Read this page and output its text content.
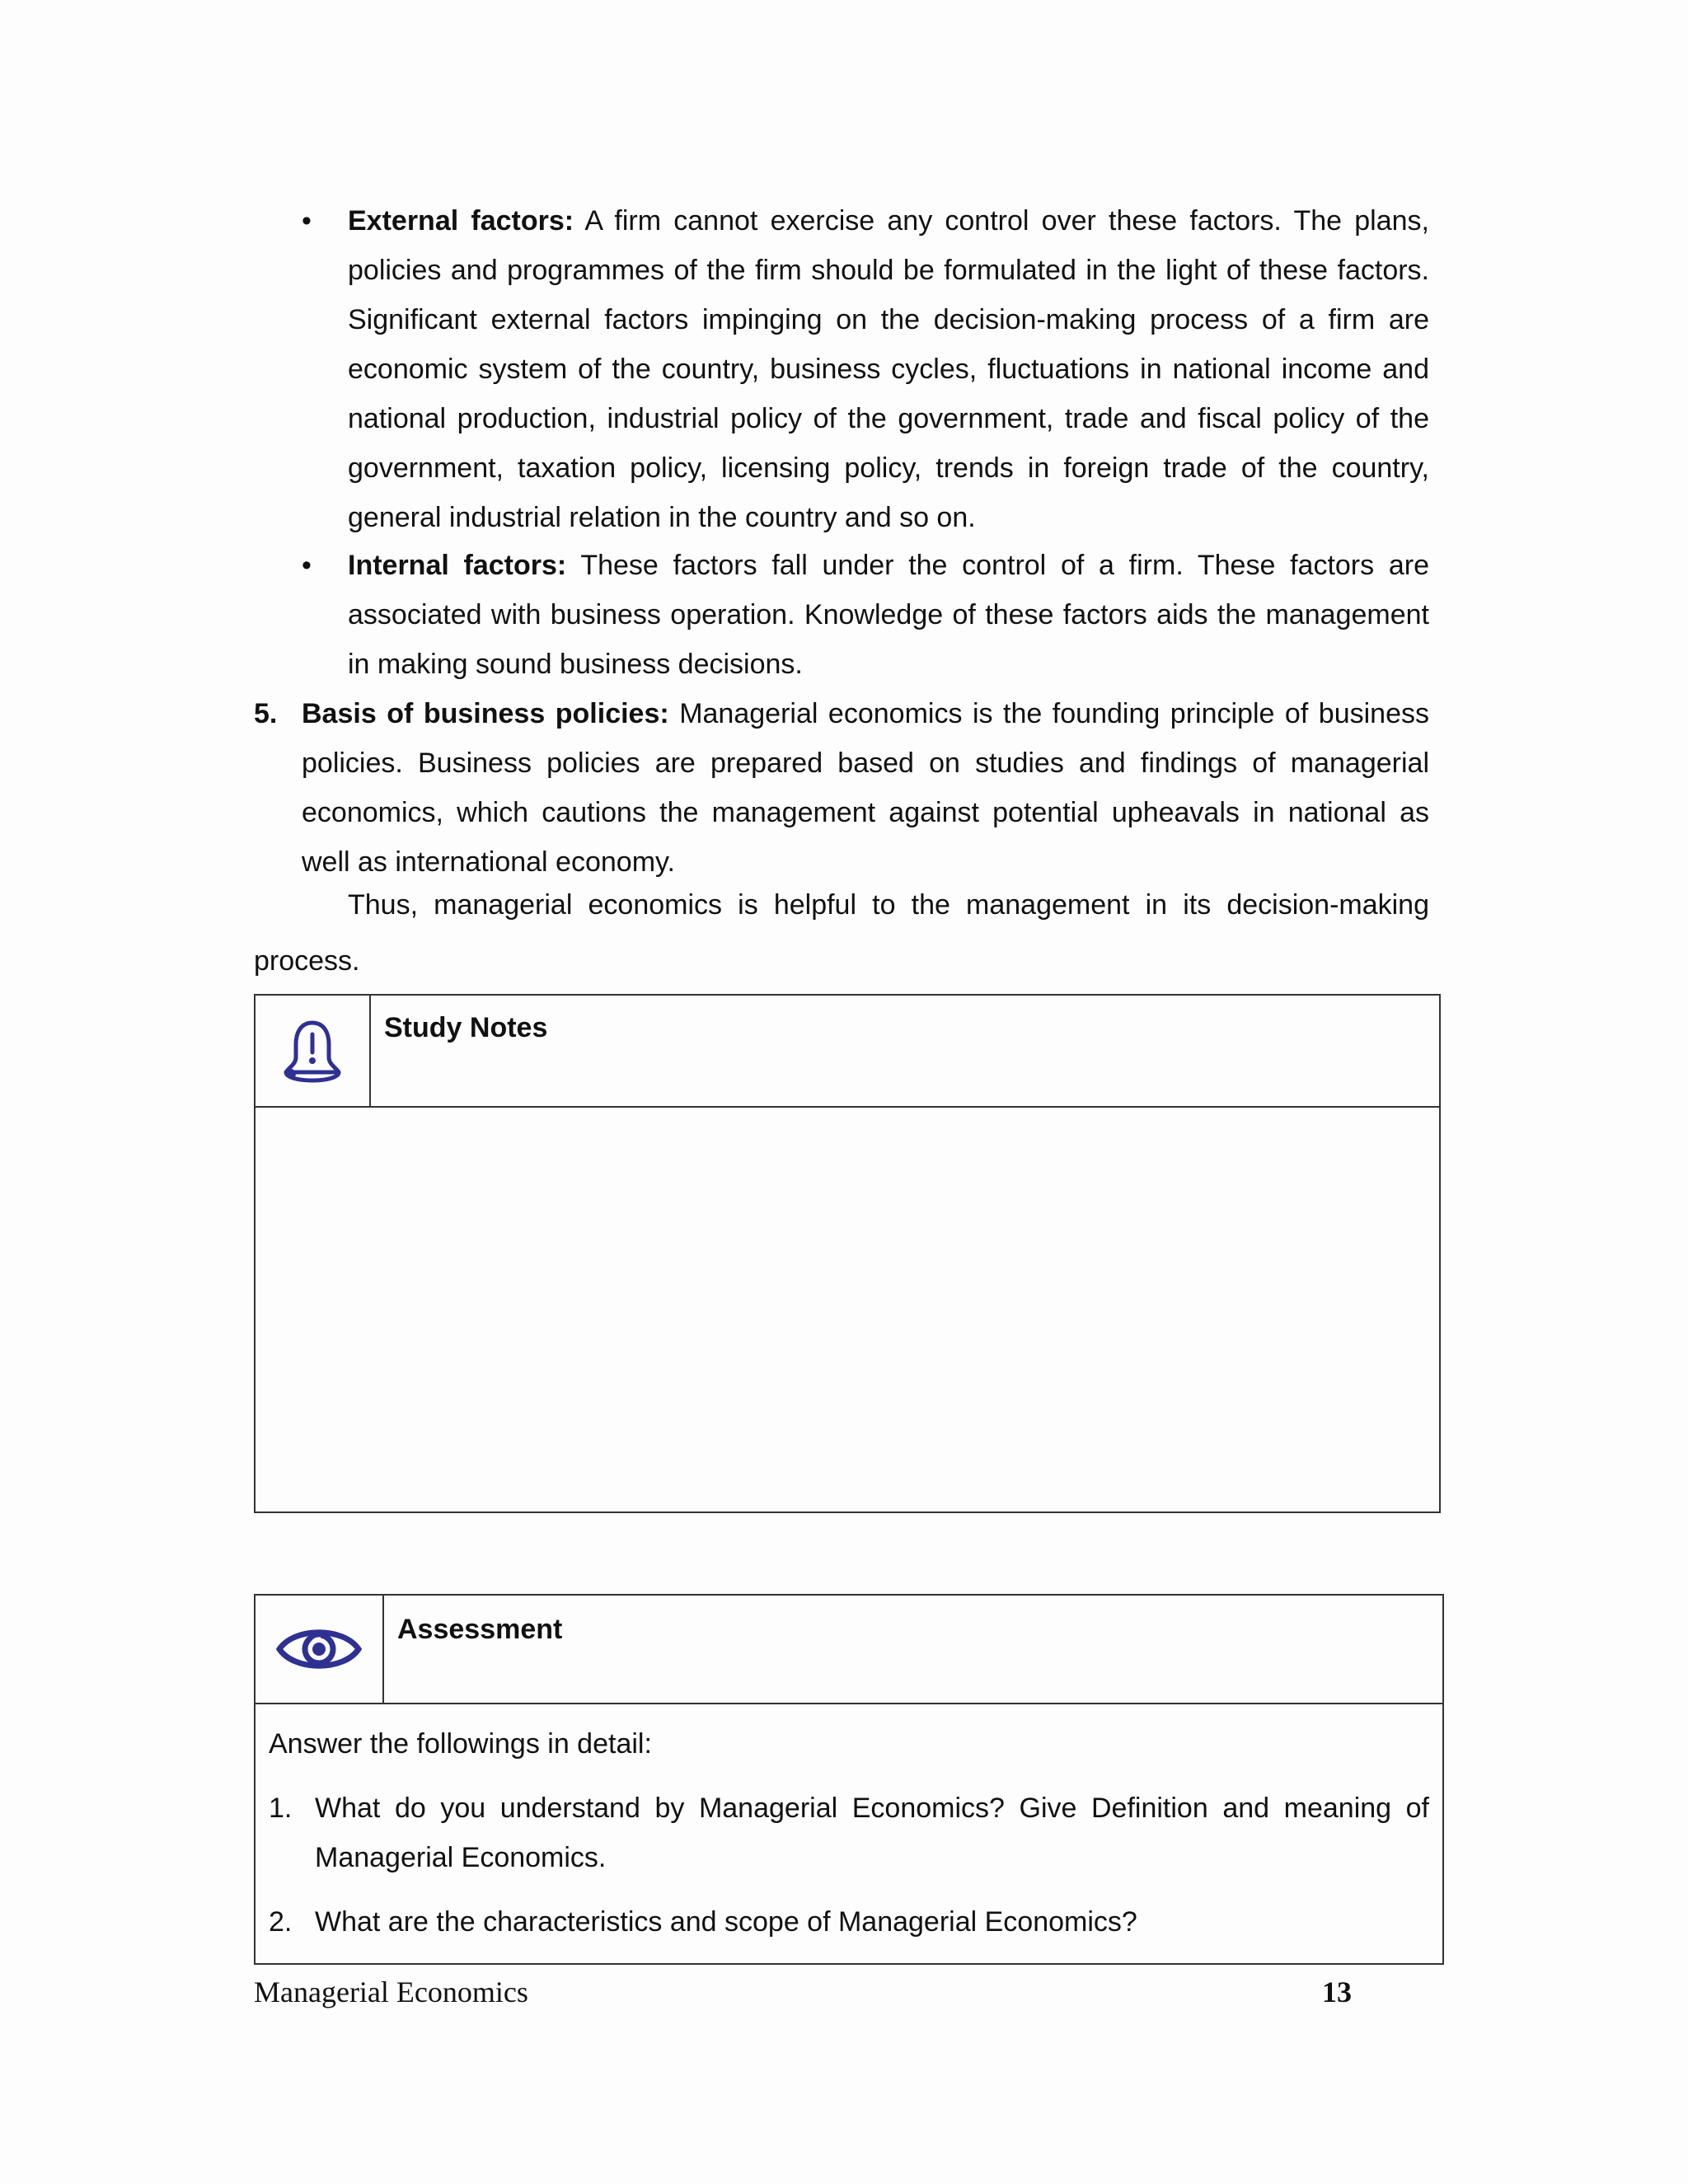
• External factors: A firm cannot exercise any control over these factors. The plans, policies and programmes of the firm should be formulated in the light of these factors. Significant external factors impinging on the decision-making process of a firm are economic system of the country, business cycles, fluctuations in national income and national production, industrial policy of the government, trade and fiscal policy of the government, taxation policy, licensing policy, trends in foreign trade of the country, general industrial relation in the country and so on.
• Internal factors: These factors fall under the control of a firm. These factors are associated with business operation. Knowledge of these factors aids the management in making sound business decisions.
5. Basis of business policies: Managerial economics is the founding principle of business policies. Business policies are prepared based on studies and findings of managerial economics, which cautions the management against potential upheavals in national as well as international economy.
Thus, managerial economics is helpful to the management in its decision-making process.
Study Notes
Assessment
Answer the followings in detail:
1. What do you understand by Managerial Economics? Give Definition and meaning of Managerial Economics.
2. What are the characteristics and scope of Managerial Economics?
Managerial Economics	13
